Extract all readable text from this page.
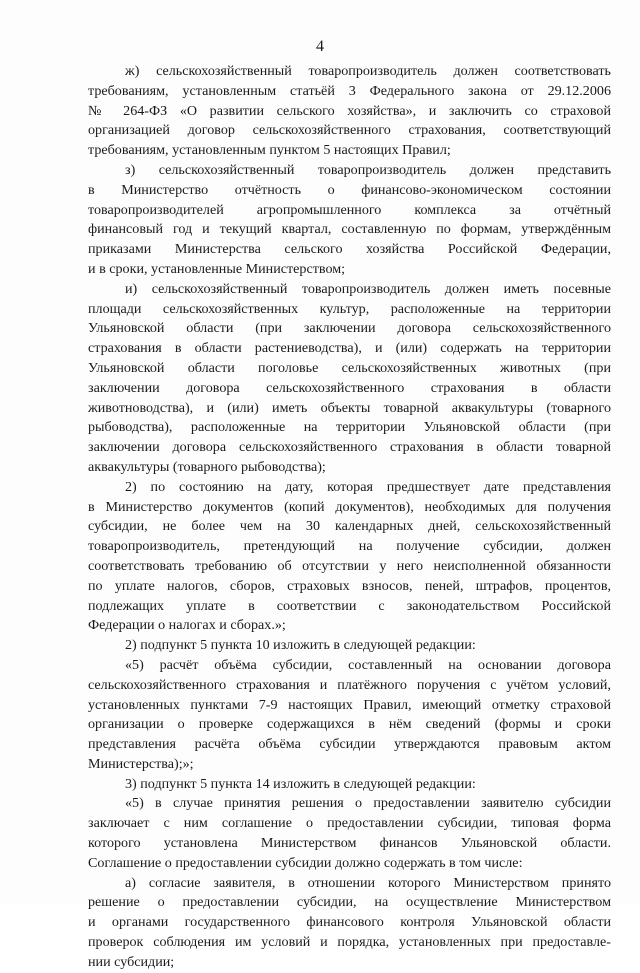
4
ж) сельскохозяйственный товаропроизводитель должен соответствовать
требованиям, установленным статьёй 3 Федерального закона от 29.12.2006
№ 264-ФЗ «О развитии сельского хозяйства», и заключить со страховой
организацией договор сельскохозяйственного страхования, соответствующий
требованиям, установленным пунктом 5 настоящих Правил;
з) сельскохозяйственный товаропроизводитель должен представить
в Министерство отчётность о финансово-экономическом состоянии
товаропроизводителей агропромышленного комплекса за отчётный
финансовый год и текущий квартал, составленную по формам, утверждённым
приказами Министерства сельского хозяйства Российской Федерации,
и в сроки, установленные Министерством;
и) сельскохозяйственный товаропроизводитель должен иметь посевные
площади сельскохозяйственных культур, расположенные на территории
Ульяновской области (при заключении договора сельскохозяйственного
страхования в области растениеводства), и (или) содержать на территории
Ульяновской области поголовье сельскохозяйственных животных (при
заключении договора сельскохозяйственного страхования в области
животноводства), и (или) иметь объекты товарной аквакультуры (товарного
рыбоводства), расположенные на территории Ульяновской области (при
заключении договора сельскохозяйственного страхования в области товарной
аквакультуры (товарного рыбоводства);
2) по состоянию на дату, которая предшествует дате представления
в Министерство документов (копий документов), необходимых для получения
субсидии, не более чем на 30 календарных дней, сельскохозяйственный
товаропроизводитель, претендующий на получение субсидии, должен
соответствовать требованию об отсутствии у него неисполненной обязанности
по уплате налогов, сборов, страховых взносов, пеней, штрафов, процентов,
подлежащих уплате в соответствии с законодательством Российской
Федерации о налогах и сборах.»;
2) подпункт 5 пункта 10 изложить в следующей редакции:
«5) расчёт объёма субсидии, составленный на основании договора
сельскохозяйственного страхования и платёжного поручения с учётом условий,
установленных пунктами 7-9 настоящих Правил, имеющий отметку страховой
организации о проверке содержащихся в нём сведений (формы и сроки
представления расчёта объёма субсидии утверждаются правовым актом
Министерства);»;
3) подпункт 5 пункта 14 изложить в следующей редакции:
«5) в случае принятия решения о предоставлении заявителю субсидии
заключает с ним соглашение о предоставлении субсидии, типовая форма
которого установлена Министерством финансов Ульяновской области.
Соглашение о предоставлении субсидии должно содержать в том числе:
а) согласие заявителя, в отношении которого Министерством принято
решение о предоставлении субсидии, на осуществление Министерством
и органами государственного финансового контроля Ульяновской области
проверок соблюдения им условий и порядка, установленных при предоставле-
нии субсидии;
